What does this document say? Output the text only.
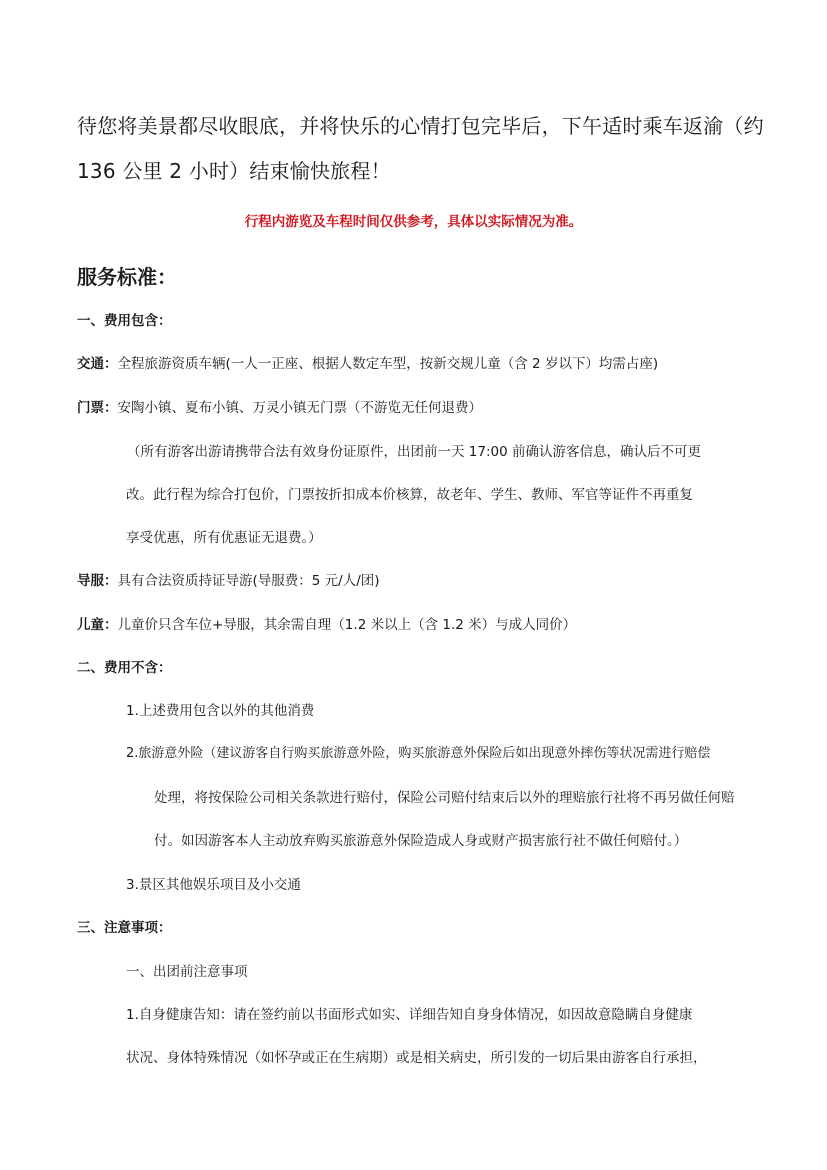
待您将美景都尽收眼底，并将快乐的心情打包完毕后，下午适时乘车返渝（约
136 公里 2 小时）结束愉快旅程！
行程内游览及车程时间仅供参考，具体以实际情况为准。
服务标准：
一、费用包含：
交通：全程旅游资质车辆(一人一正座、根据人数定车型，按新交规儿童（含 2 岁以下）均需占座)
门票：安陶小镇、夏布小镇、万灵小镇无门票（不游览无任何退费）
（所有游客出游请携带合法有效身份证原件，出团前一天 17:00 前确认游客信息，确认后不可更
改。此行程为综合打包价，门票按折扣成本价核算，故老年、学生、教师、军官等证件不再重复
享受优惠，所有优惠证无退费。）
导服：具有合法资质持证导游(导服费：5 元/人/团)
儿童：儿童价只含车位+导服，其余需自理（1.2 米以上（含 1.2 米）与成人同价）
二、费用不含：
1.上述费用包含以外的其他消费
2.旅游意外险（建议游客自行购买旅游意外险，购买旅游意外保险后如出现意外摔伤等状况需进行赔偿
处理，将按保险公司相关条款进行赔付，保险公司赔付结束后以外的理赔旅行社将不再另做任何赔
付。如因游客本人主动放弃购买旅游意外保险造成人身或财产损害旅行社不做任何赔付。）
3.景区其他娱乐项目及小交通
三、注意事项：
一、出团前注意事项
1.自身健康告知：请在签约前以书面形式如实、详细告知自身身体情况，如因故意隐瞒自身健康
状况、身体特殊情况（如怀孕或正在生病期）或是相关病史，所引发的一切后果由游客自行承担，
